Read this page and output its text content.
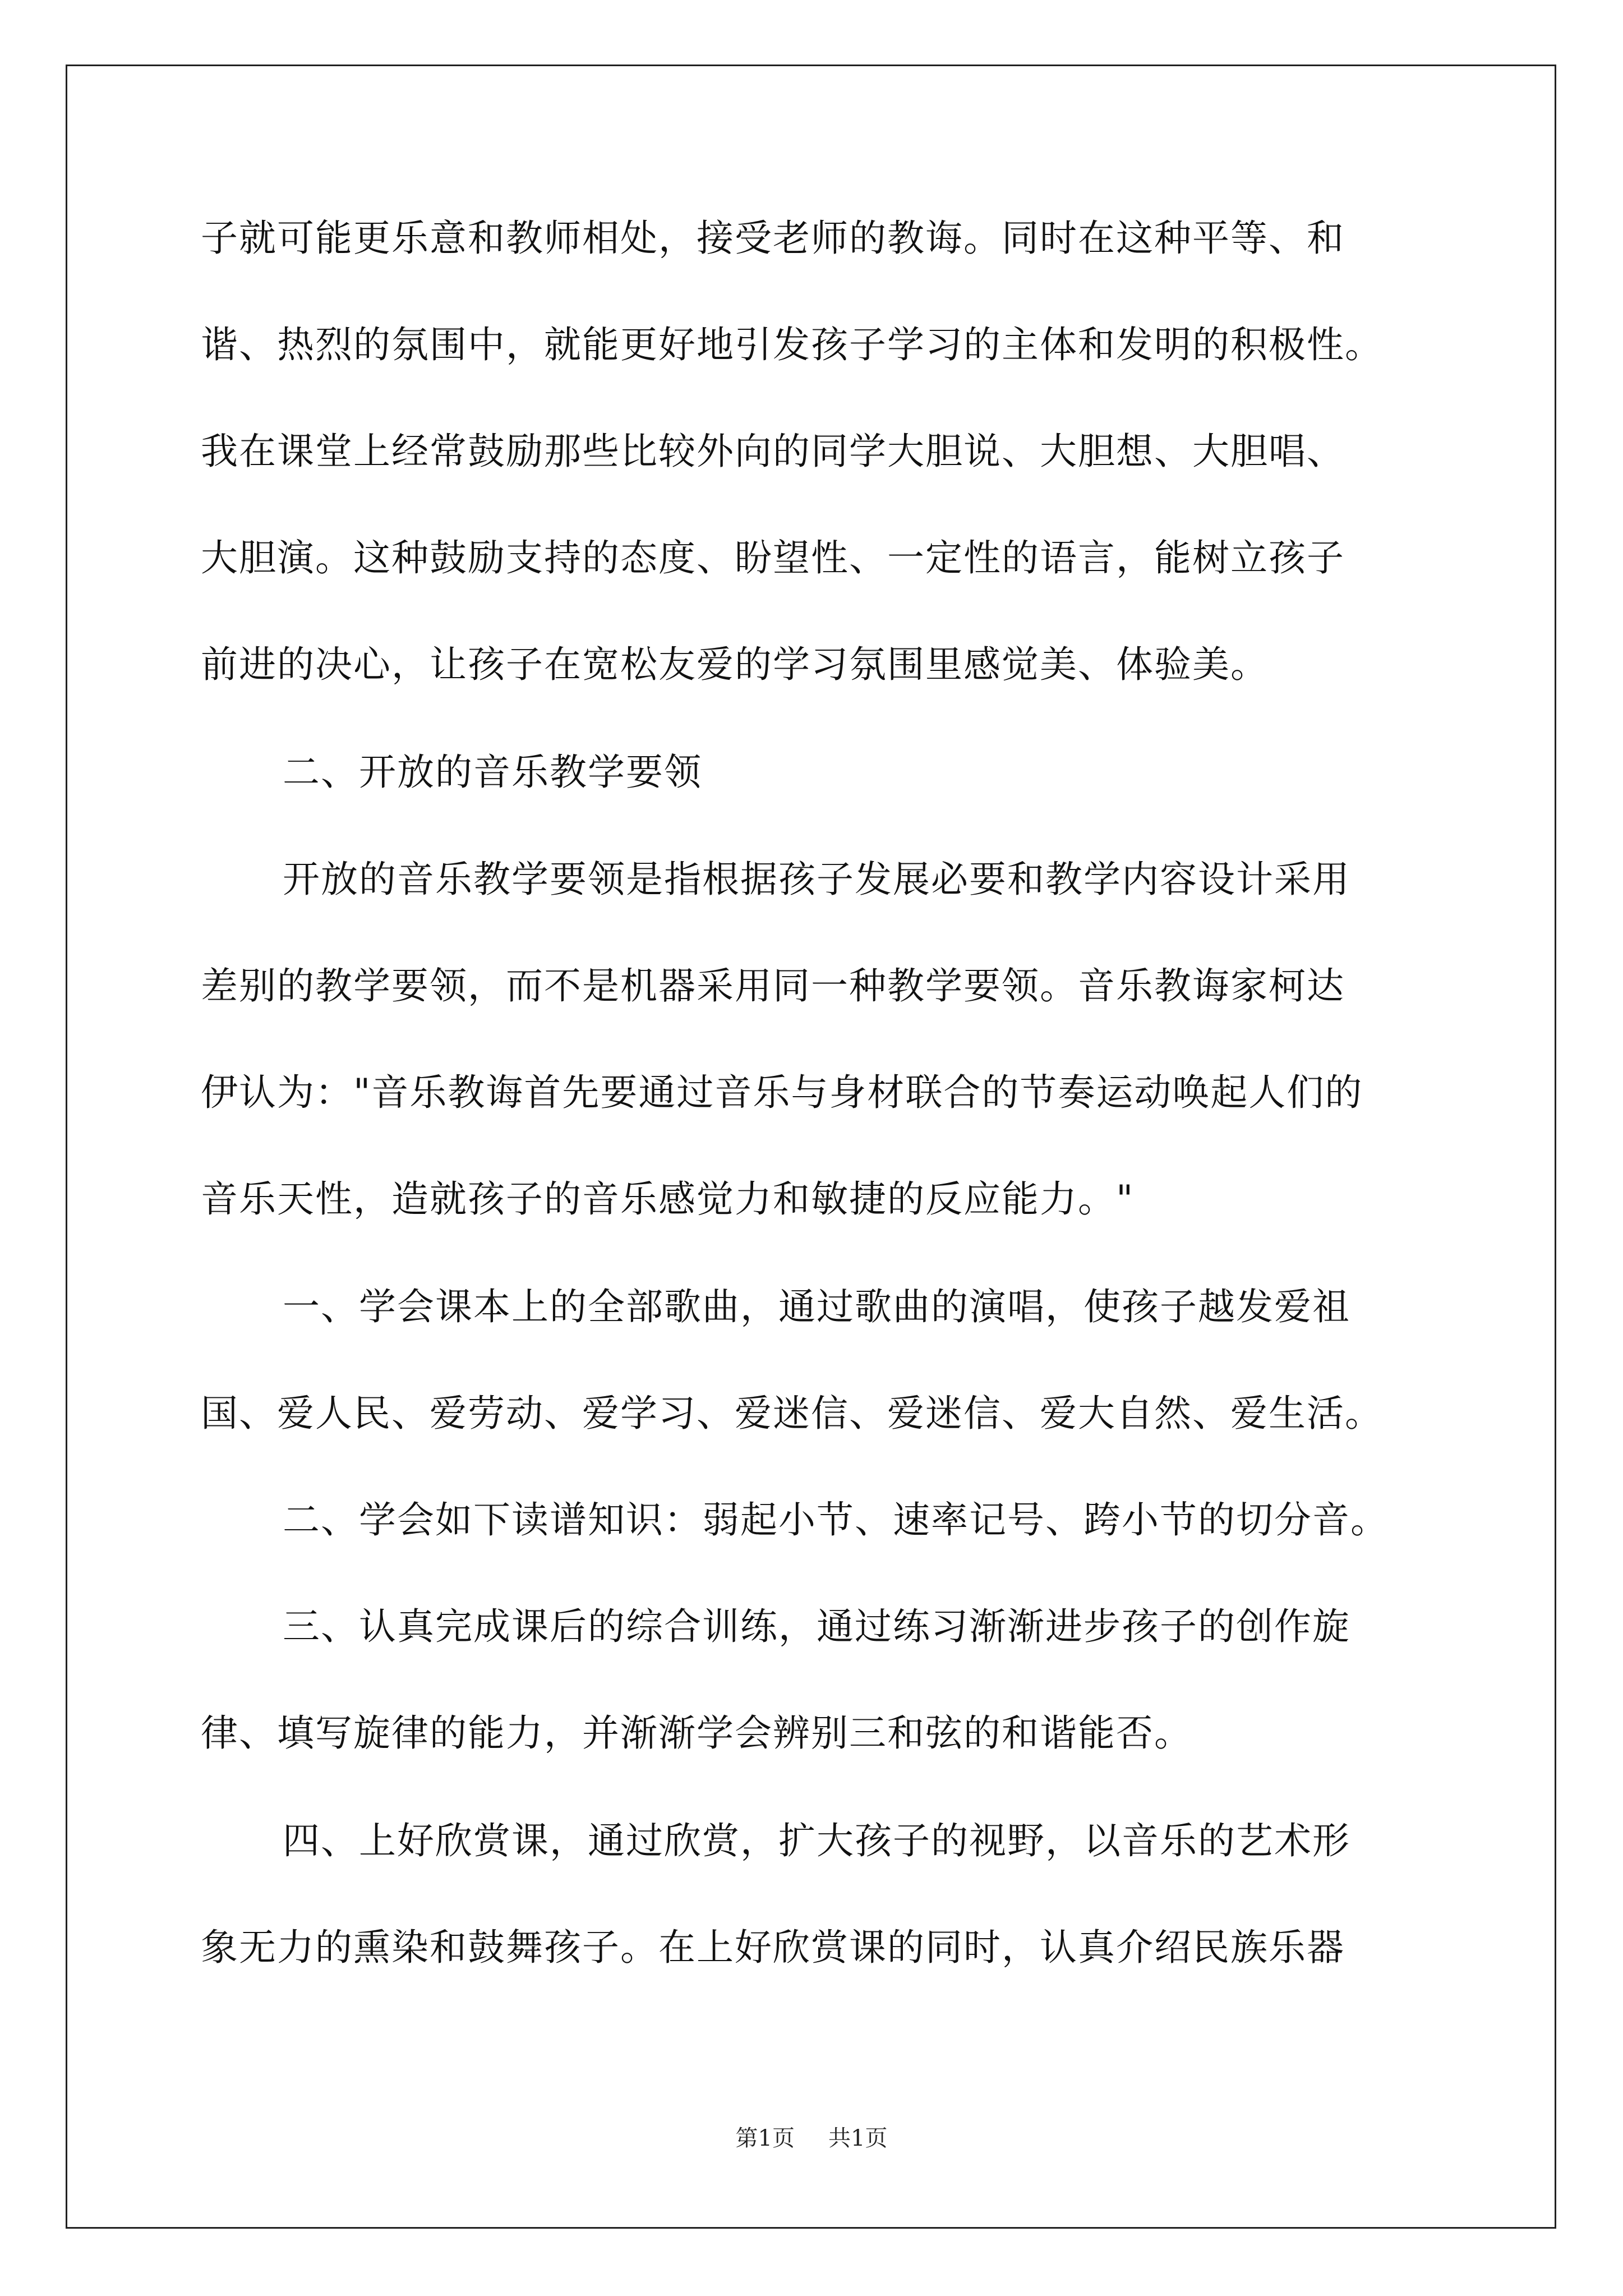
子就可能更乐意和教师相处，接受老师的教诲。同时在这种平等、和
谐、热烈的氛围中，就能更好地引发孩子学习的主体和发明的积极性。
我在课堂上经常鼓励那些比较外向的同学大胆说、大胆想、大胆唱、
大胆演。这种鼓励支持的态度、盼望性、一定性的语言，能树立孩子
前进的决心，让孩子在宽松友爱的学习氛围里感觉美、体验美。
二、开放的音乐教学要领
开放的音乐教学要领是指根据孩子发展必要和教学内容设计采用
差别的教学要领，而不是机器采用同一种教学要领。音乐教诲家柯达
伊认为："音乐教诲首先要通过音乐与身材联合的节奏运动唤起人们的
音乐天性，造就孩子的音乐感觉力和敏捷的反应能力。"
一、学会课本上的全部歌曲，通过歌曲的演唱，使孩子越发爱祖
国、爱人民、爱劳动、爱学习、爱迷信、爱迷信、爱大自然、爱生活。
二、学会如下读谱知识：弱起小节、速率记号、跨小节的切分音。
三、认真完成课后的综合训练，通过练习渐渐进步孩子的创作旋
律、填写旋律的能力，并渐渐学会辨别三和弦的和谐能否。
四、上好欣赏课，通过欣赏，扩大孩子的视野，以音乐的艺术形
象无力的熏染和鼓舞孩子。在上好欣赏课的同时，认真介绍民族乐器
第1页 共1页
